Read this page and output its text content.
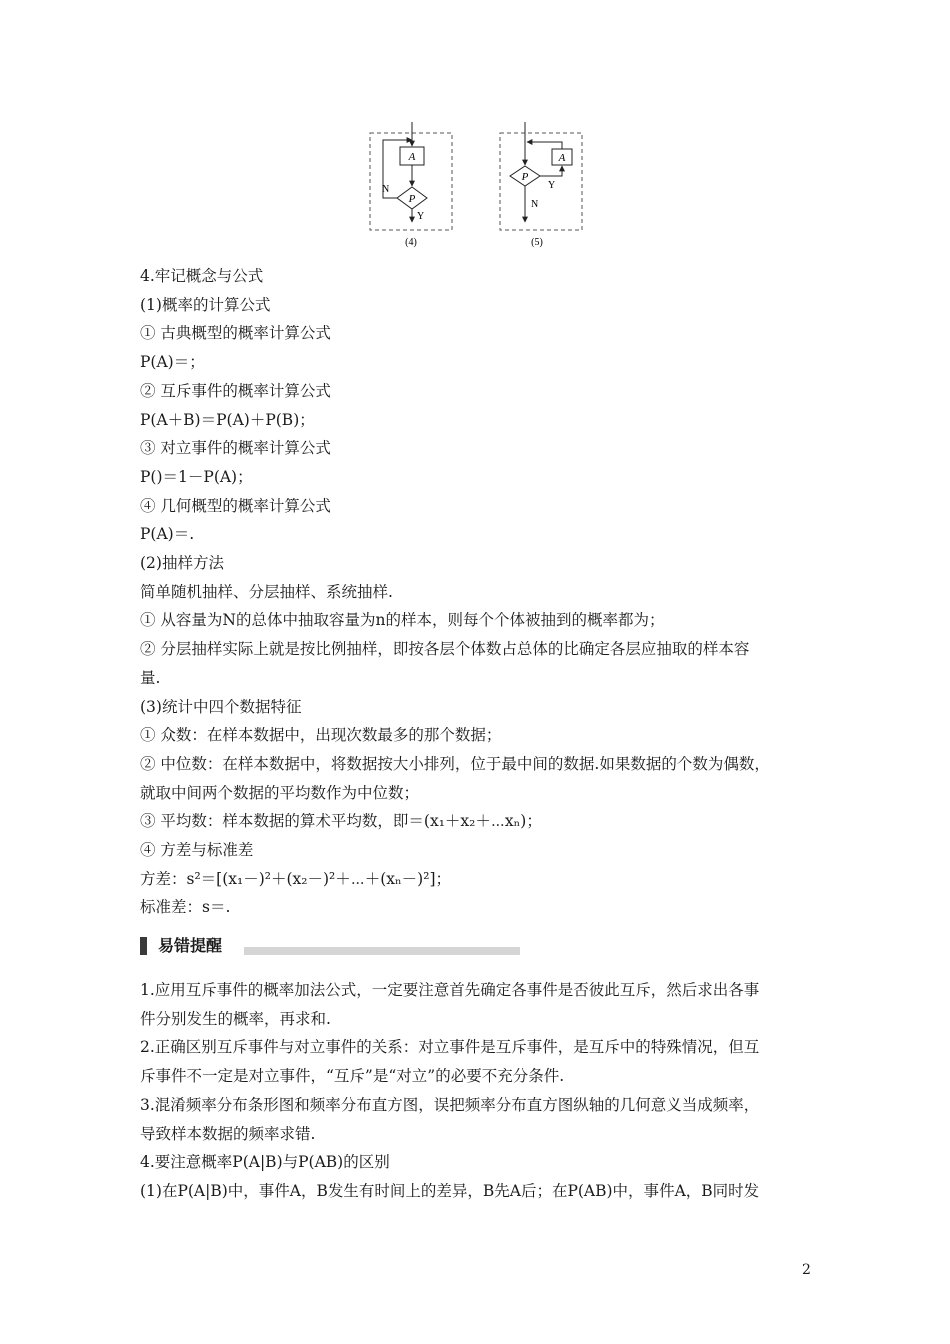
A
P
N
Y
(4)
P
A
Y
N
(5)
4.牢记概念与公式
(1)概率的计算公式
① 古典概型的概率计算公式
P(A)＝；
② 互斥事件的概率计算公式
P(A＋B)＝P(A)＋P(B)；
③ 对立事件的概率计算公式
P()＝1－P(A)；
④ 几何概型的概率计算公式
P(A)＝.
(2)抽样方法
简单随机抽样、分层抽样、系统抽样.
① 从容量为N的总体中抽取容量为n的样本，则每个个体被抽到的概率都为；
② 分层抽样实际上就是按比例抽样，即按各层个体数占总体的比确定各层应抽取的样本容
量.
(3)统计中四个数据特征
① 众数：在样本数据中，出现次数最多的那个数据；
② 中位数：在样本数据中，将数据按大小排列，位于最中间的数据.如果数据的个数为偶数，
就取中间两个数据的平均数作为中位数；
③ 平均数：样本数据的算术平均数，即＝(x₁＋x₂＋⋯xₙ)；
④ 方差与标准差
方差：s²＝[(x₁－)²＋(x₂－)²＋⋯＋(xₙ－)²]；
标准差：s＝.
易错提醒
1.应用互斥事件的概率加法公式，一定要注意首先确定各事件是否彼此互斥，然后求出各事
件分别发生的概率，再求和.
2.正确区别互斥事件与对立事件的关系：对立事件是互斥事件，是互斥中的特殊情况，但互
斥事件不一定是对立事件，“互斥”是“对立”的必要不充分条件.
3.混淆频率分布条形图和频率分布直方图，误把频率分布直方图纵轴的几何意义当成频率，
导致样本数据的频率求错.
4.要注意概率P(A|B)与P(AB)的区别
(1)在P(A|B)中，事件A，B发生有时间上的差异，B先A后；在P(AB)中，事件A，B同时发
2
